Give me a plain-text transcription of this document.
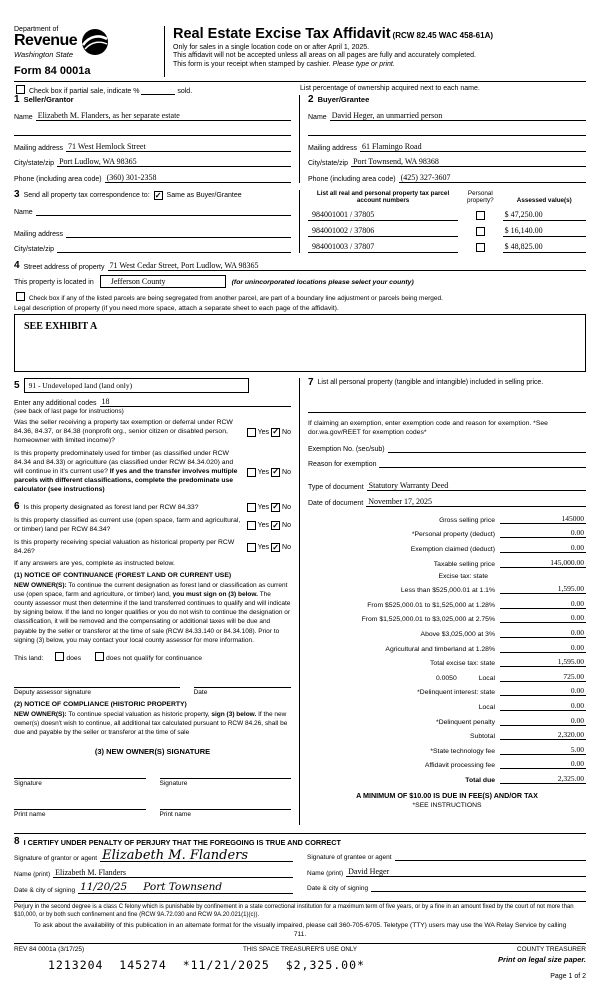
Department of
Revenue
Washington State
Form 84 0001a
Real Estate Excise Tax Affidavit (RCW 82.45 WAC 458-61A)
Only for sales in a single location code on or after April 1, 2025.
This affidavit will not be accepted unless all areas on all pages are fully and accurately completed.
This form is your receipt when stamped by cashier. Please type or print.
Check box if partial sale, indicate %	sold.	List percentage of ownership acquired next to each name.
1 Seller/Grantor
Name Elizabeth M. Flanders, as her separate estate
Mailing address 71 West Hemlock Street
City/state/zip Port Ludlow, WA 98365
Phone (including area code) (360) 301-2358
2 Buyer/Grantee
Name David Heger, an unmarried person
Mailing address 61 Flamingo Road
City/state/zip Port Townsend, WA 98368
Phone (including area code) (425) 327-3607
3 Send all property tax correspondence to: ✓ Same as Buyer/Grantee
Name
Mailing address
City/state/zip
List all real and personal property tax parcel account numbers
Personal property?	Assessed value(s)
984001001 / 37805	$ 47,250.00
984001002 / 37806	$ 16,140.00
984001003 / 37807	$ 48,825.00
4 Street address of property 71 West Cedar Street, Port Ludlow, WA 98365
This property is located in Jefferson County	(for unincorporated locations please select your county)
Check box if any of the listed parcels are being segregated from another parcel, are part of a boundary line adjustment or parcels being merged.
Legal description of property (if you need more space, attach a separate sheet to each page of the affidavit).
SEE EXHIBIT A
5	91 - Undeveloped land (land only)
Enter any additional codes 18
(see back of last page for instructions)
Was the seller receiving a property tax exemption or deferral under RCW 84.36, 84.37, or 84.38 (nonprofit org., senior citizen or disabled person, homeowner with limited income)?
Yes ✓ No
Is this property predominately used for timber (as classified under RCW 84.34 and 84.33) or agriculture (as classified under RCW 84.34.020) and will continue in it's current use? If yes and the transfer involves multiple parcels with different classifications, complete the predominate use calculator (see instructions)
Yes ✓ No
6 Is this property designated as forest land per RCW 84.33?	Yes ✓ No
Is this property classified as current use (open space, farm and agricultural, or timber) land per RCW 84.34?	Yes ✓ No
Is this property receiving special valuation as historical property per RCW 84.26?	Yes ✓ No
If any answers are yes, complete as instructed below.
(1) NOTICE OF CONTINUANCE (FOREST LAND OR CURRENT USE)
NEW OWNER(S): To continue the current designation as forest land or classification as current use (open space, farm and agriculture, or timber) land, you must sign on (3) below. The county assessor must then determine if the land transferred continues to qualify and will indicate by signing below. If the land no longer qualifies or you do not wish to continue the designation or classification, it will be removed and the compensating or additional taxes will be due and payable by the seller or transferor at the time of sale (RCW 84.33.140 or 84.34.108). Prior to signing (3) below, you may contact your local county assessor for more information.
This land:	does	does not qualify for continuance
Deputy assessor signature	Date
(2) NOTICE OF COMPLIANCE (HISTORIC PROPERTY)
NEW OWNER(S): To continue special valuation as historic property, sign (3) below. If the new owner(s) doesn't wish to continue, all additional tax calculated pursuant to RCW 84.26, shall be due and payable by the seller or transferor at the time of sale
(3) NEW OWNER(S) SIGNATURE
Signature	Signature
Print name	Print name
7 List all personal property (tangible and intangible) included in selling price.
If claiming an exemption, enter exemption code and reason for exemption. *See dor.wa.gov/REET for exemption codes*
Exemption No. (sec/sub)
Reason for exemption
Type of document Statutory Warranty Deed
Date of document November 17, 2025
Gross selling price	145000
*Personal property (deduct)	0.00
Exemption claimed (deduct)	0.00
Taxable selling price	145,000.00
Excise tax: state
Less than $525,000.01 at 1.1%	1,595.00
From $525,000.01 to $1,525,000 at 1.28%	0.00
From $1,525,000.01 to $3,025,000 at 2.75%	0.00
Above $3,025,000 at 3%	0.00
Agricultural and timberland at 1.28%	0.00
Total excise tax: state	1,595.00
0.0050	Local	725.00
*Delinquent interest: state	0.00
Local	0.00
*Delinquent penalty	0.00
Subtotal	2,320.00
*State technology fee	5.00
Affidavit processing fee	0.00
Total due	2,325.00
A MINIMUM OF $10.00 IS DUE IN FEE(S) AND/OR TAX
*SEE INSTRUCTIONS
8 I CERTIFY UNDER PENALTY OF PERJURY THAT THE FOREGOING IS TRUE AND CORRECT
Signature of grantor or agent Elizabeth M. Flanders
Name (print) Elizabeth M. Flanders
Date & city of signing 11/20/25 Port Townsend
Signature of grantee or agent
Name (print) David Heger
Date & city of signing
Perjury in the second degree is a class C felony which is punishable by confinement in a state correctional institution for a maximum term of five years, or by a fine in an amount fixed by the court of not more than $10,000, or by both such confinement and fine (RCW 9A.72.030 and RCW 9A.20.021(1)(c)).
To ask about the availability of this publication in an alternate format for the visually impaired, please call 360-705-6705. Teletype (TTY) users may use the WA Relay Service by calling 711.
REV 84 0001a (3/17/25)	THIS SPACE TREASURER'S USE ONLY	COUNTY TREASURER
1213204  145274  *11/21/2025  $2,325.00*	Print on legal size paper.
Page 1 of 2
